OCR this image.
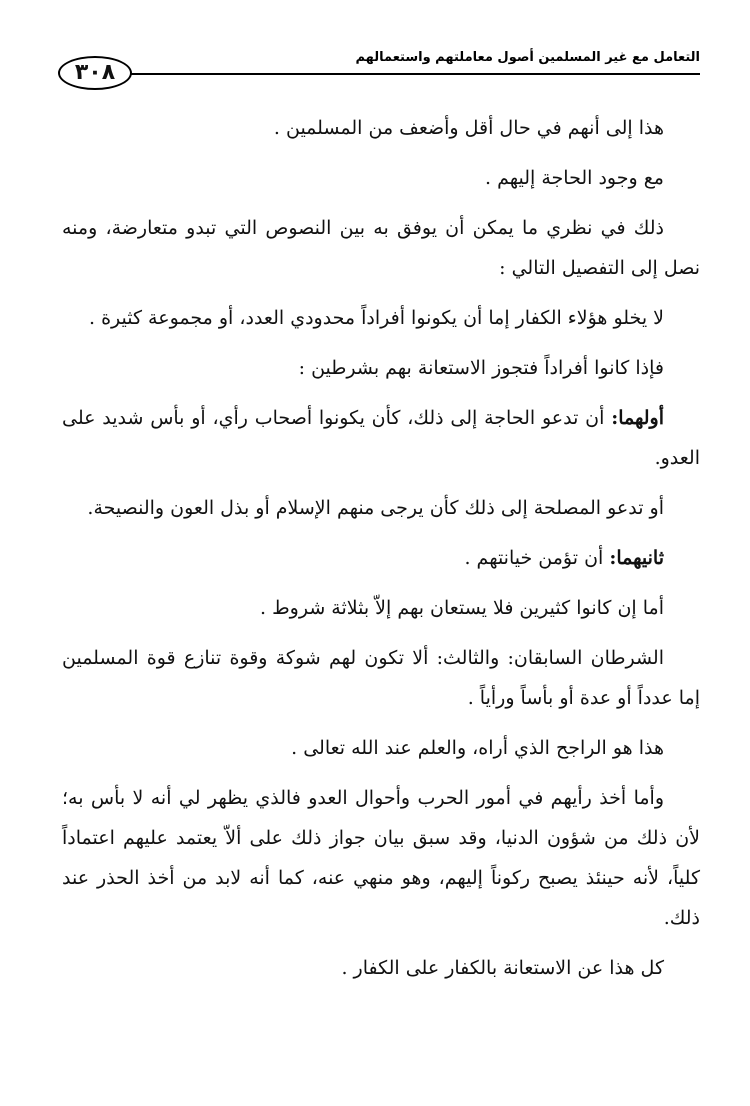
التعامل مع غير المسلمين أصول معاملتهم واستعمالهم
٣٠٨

هذا إلى أنهم في حال أقل وأضعف من المسلمين .

مع وجود الحاجة إليهم .

ذلك في نظري ما يمكن أن يوفق به بين النصوص التي تبدو متعارضة، ومنه نصل إلى التفصيل التالي :

لا يخلو هؤلاء الكفار إما أن يكونوا أفراداً محدودي العدد، أو مجموعة كثيرة .

فإذا كانوا أفراداً فتجوز الاستعانة بهم بشرطين :

أولهما: أن تدعو الحاجة إلى ذلك، كأن يكونوا أصحاب رأي، أو بأس شديد على العدو.

أو تدعو المصلحة إلى ذلك كأن يرجى منهم الإسلام أو بذل العون والنصيحة.

ثانيهما: أن تؤمن خيانتهم .

أما إن كانوا كثيرين فلا يستعان بهم إلاّ بثلاثة شروط .

الشرطان السابقان: والثالث: ألا تكون لهم شوكة وقوة تنازع قوة المسلمين إما عدداً أو عدة أو بأساً ورأياً .

هذا هو الراجح الذي أراه، والعلم عند الله تعالى .

وأما أخذ رأيهم في أمور الحرب وأحوال العدو فالذي يظهر لي أنه لا بأس به؛ لأن ذلك من شؤون الدنيا، وقد سبق بيان جواز ذلك على ألاّ يعتمد عليهم اعتماداً كلياً، لأنه حينئذ يصبح ركوناً إليهم، وهو منهي عنه، كما أنه لابد من أخذ الحذر عند ذلك.

كل هذا عن الاستعانة بالكفار على الكفار .
